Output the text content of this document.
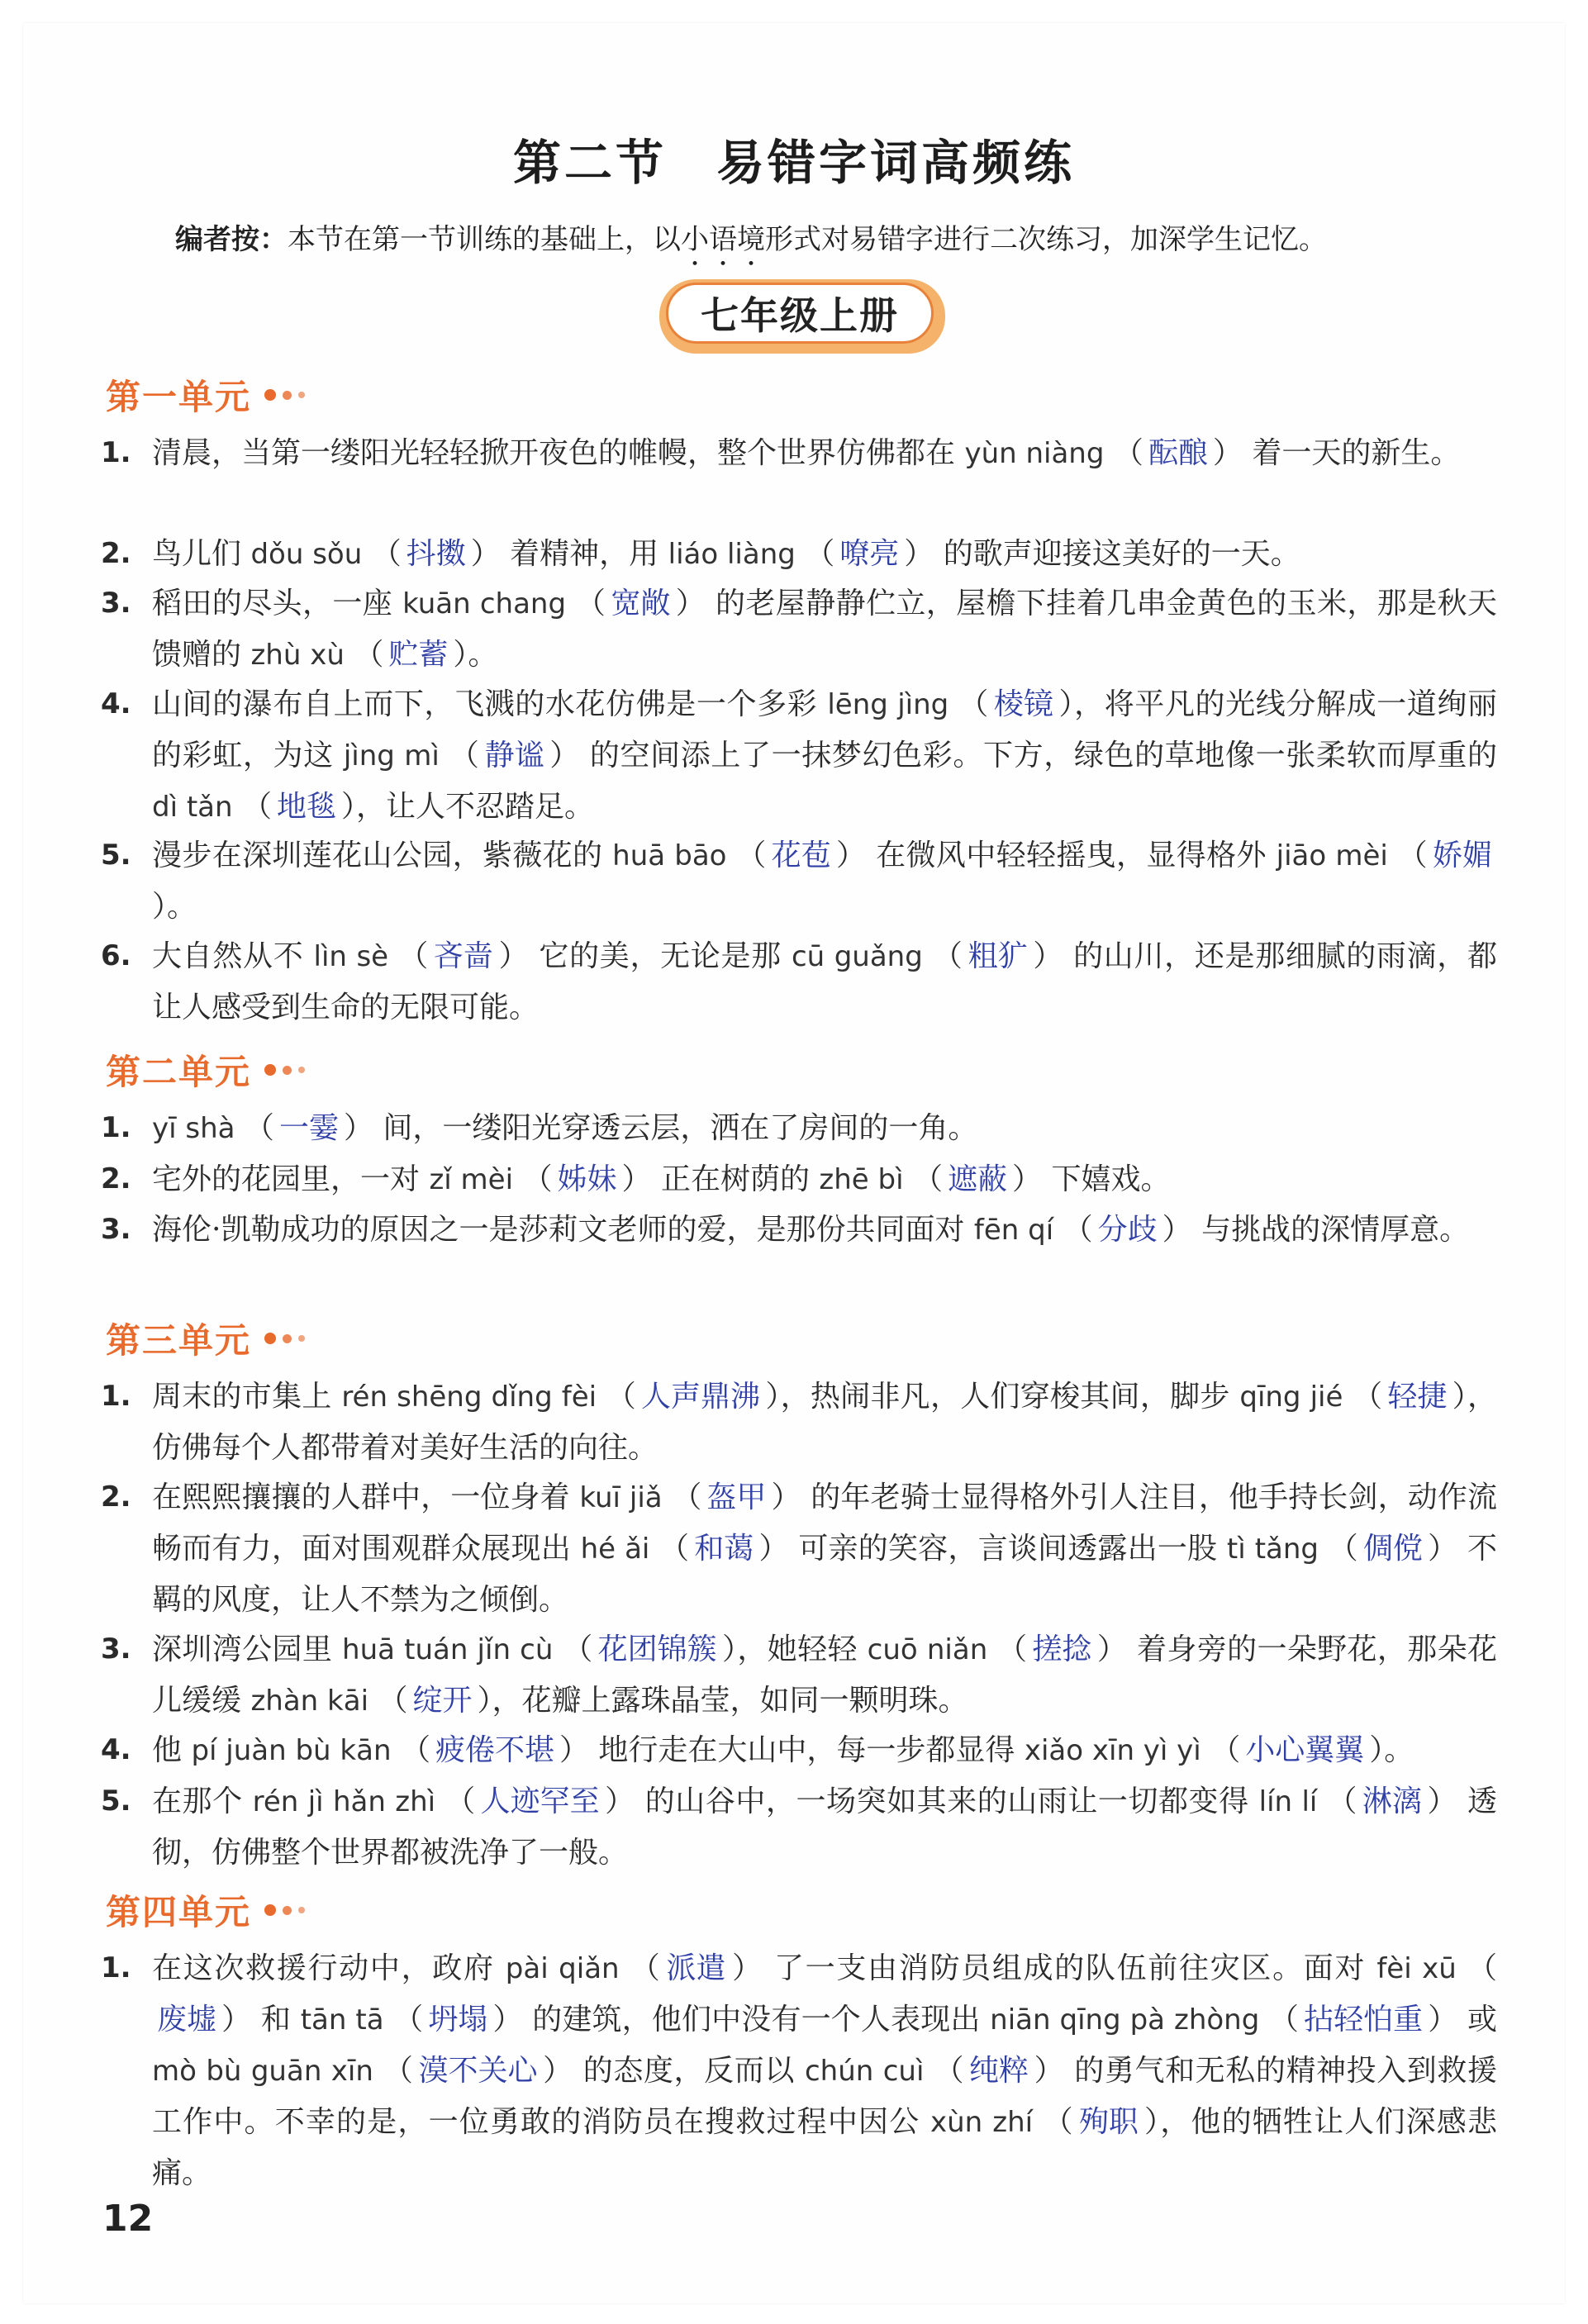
第二节 易错字词高频练
编者按：本节在第一节训练的基础上，以小语境形式对易错字进行二次练习，加深学生记忆。
七年级上册
第一单元
1. 清晨，当第一缕阳光轻轻掀开夜色的帷幔，整个世界仿佛都在 yùn niàng （ 酝酿 ） 着一天的新生。
2. 鸟儿们 dǒu sǒu （ 抖擞 ） 着精神，用 liáo liàng （ 嘹亮 ） 的歌声迎接这美好的一天。
3. 稻田的尽头，一座 kuān chang （ 宽敞 ） 的老屋静静伫立，屋檐下挂着几串金黄色的玉米，那是秋天馈赠的 zhù xù （ 贮蓄 ）。
4. 山间的瀑布自上而下，飞溅的水花仿佛是一个多彩 lēng jìng （ 棱镜 ），将平凡的光线分解成一道绚丽的彩虹，为这 jìng mì （ 静谧 ） 的空间添上了一抹梦幻色彩。下方，绿色的草地像一张柔软而厚重的 dì tǎn （ 地毯 ），让人不忍踏足。
5. 漫步在深圳莲花山公园，紫薇花的 huā bāo （ 花苞 ） 在微风中轻轻摇曳，显得格外 jiāo mèi （ 娇媚）。
6. 大自然从不 lìn sè （ 吝啬 ） 它的美，无论是那 cū guǎng （ 粗犷 ） 的山川，还是那细腻的雨滴，都让人感受到生命的无限可能。
第二单元
1. yī shà （ 一霎 ） 间，一缕阳光穿透云层，洒在了房间的一角。
2. 宅外的花园里，一对 zǐ mèi （ 姊妹 ） 正在树荫的 zhē bì （ 遮蔽 ） 下嬉戏。
3. 海伦·凯勒成功的原因之一是莎莉文老师的爱，是那份共同面对 fēn qí （ 分歧 ） 与挑战的深情厚意。
第三单元
1. 周末的市集上 rén shēng dǐng fèi （ 人声鼎沸 ），热闹非凡，人们穿梭其间，脚步 qīng jié （ 轻捷 ），仿佛每个人都带着对美好生活的向往。
2. 在熙熙攘攘的人群中，一位身着 kuī jiǎ （ 盔甲 ） 的年老骑士显得格外引人注目，他手持长剑，动作流畅而有力，面对围观群众展现出 hé ǎi （ 和蔼 ） 可亲的笑容，言谈间透露出一股 tì tǎng （ 倜傥 ） 不羁的风度，让人不禁为之倾倒。
3. 深圳湾公园里 huā tuán jǐn cù （ 花团锦簇 ），她轻轻 cuō niǎn （ 搓捻 ） 着身旁的一朵野花，那朵花儿缓缓 zhàn kāi （ 绽开 ），花瓣上露珠晶莹，如同一颗明珠。
4. 他 pí juàn bù kān （ 疲倦不堪 ） 地行走在大山中，每一步都显得 xiǎo xīn yì yì （ 小心翼翼 ）。
5. 在那个 rén jì hǎn zhì （ 人迹罕至 ） 的山谷中，一场突如其来的山雨让一切都变得 lín lí （ 淋漓 ） 透彻，仿佛整个世界都被洗净了一般。
第四单元
1. 在这次救援行动中，政府 pài qiǎn （ 派遣 ） 了一支由消防员组成的队伍前往灾区。面对 fèi xū （废墟 ） 和 tān tā （ 坍塌 ） 的建筑，他们中没有一个人表现出 niān qīng pà zhòng （ 拈轻怕重 ） 或 mò bù guān xīn （ 漠不关心 ） 的态度，反而以 chún cuì （ 纯粹 ） 的勇气和无私的精神投入到救援工作中。不幸的是，一位勇敢的消防员在搜救过程中因公 xùn zhí （ 殉职 ），他的牺牲让人们深感悲痛。
12
